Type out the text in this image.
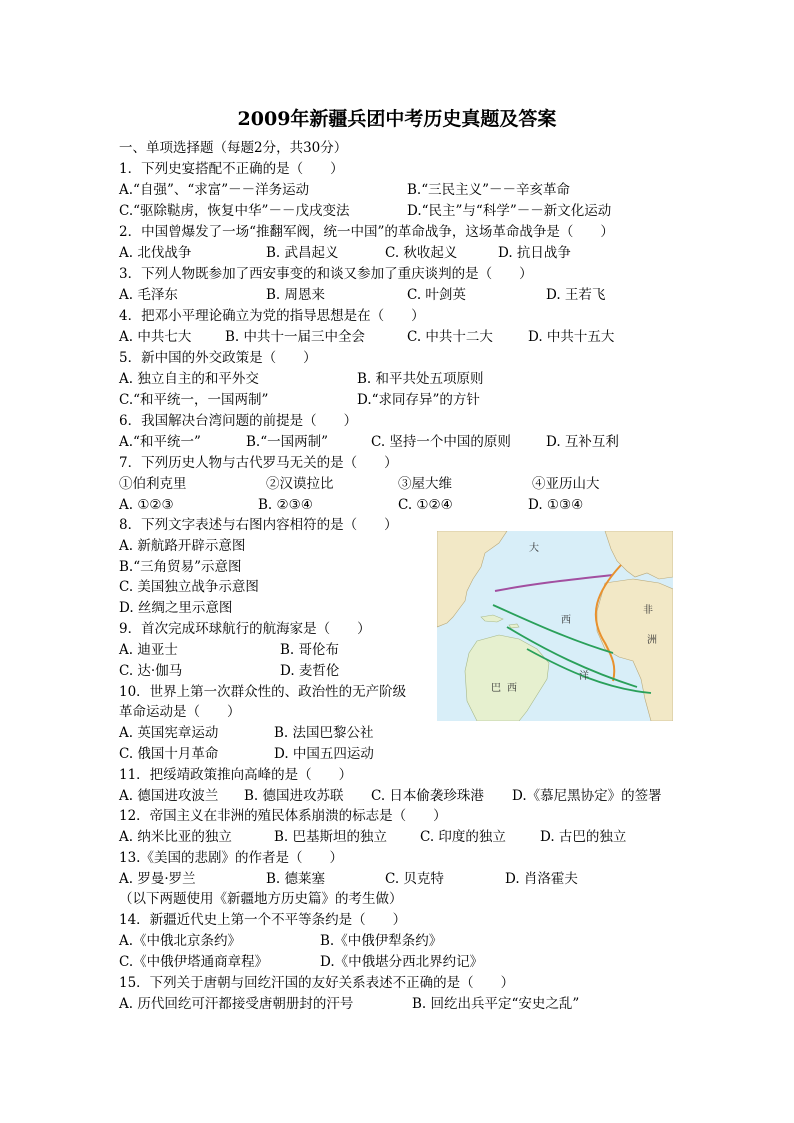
2009年新疆兵团中考历史真题及答案
一、单项选择题（每题2分，共30分）
1．下列史宴搭配不正确的是（　　）
A.“自强”、“求富”－－洋务运动	B.“三民主义”－－辛亥革命
C.“驱除鞑虏，恢复中华”－－戊戌变法	D.“民主”与“科学”－－新文化运动
2．中国曾爆发了一场“推翻军阀，统一中国”的革命战争，这场革命战争是（　　）
A. 北伐战争	B. 武昌起义	C. 秋收起义	D. 抗日战争
3．下列人物既参加了西安事变的和谈又参加了重庆谈判的是（　　）
A. 毛泽东	B. 周恩来	C. 叶剑英	D. 王若飞
4．把邓小平理论确立为党的指导思想是在（　　）
A. 中共七大 B. 中共十一届三中全会	C. 中共十二大	D. 中共十五大
5．新中国的外交政策是（　　）
A. 独立自主的和平外交	B. 和平共处五项原则
C.“和平统一，一国两制”	D.“求同存异”的方针
6．我国解决台湾问题的前提是（　　）
A.“和平统一”	B.“一国两制”	C. 坚持一个中国的原则	D. 互补互利
7．下列历史人物与古代罗马无关的是（　　）
①伯利克里	②汉谟拉比	③屋大维	④亚历山大
A. ①②③	B. ②③④	C. ①②④	D. ①③④
8．下列文字表述与右图内容相符的是（　　）
A. 新航路开辟示意图
B.“三角贸易”示意图
C. 美国独立战争示意图
D. 丝绸之里示意图
9．首次完成环球航行的航海家是（　　）
A. 迪亚士	B. 哥伦布
C. 达·伽马	D. 麦哲伦
10．世界上第一次群众性的、政治性的无产阶级
革命运动是（　　）
A. 英国宪章运动	B. 法国巴黎公社
C. 俄国十月革命	D. 中国五四运动
11．把绥靖政策推向高峰的是（　　）
A. 德国进攻波兰 B. 德国进攻苏联 C. 日本偷袭珍珠港 D.《慕尼黑协定》的签署
12．帝国主义在非洲的殖民体系崩溃的标志是（　　）
A. 纳米比亚的独立	B. 巴基斯坦的独立 C. 印度的独立	D. 古巴的独立
13.《美国的悲剧》的作者是（　　）
A. 罗曼·罗兰	B. 德莱塞	C. 贝克特	D. 肖洛霍夫
（以下两题使用《新疆地方历史篇》的考生做）
14．新疆近代史上第一个不平等条约是（　　）
A.《中俄北京条约》	B.《中俄伊犁条约》
C.《中俄伊塔通商章程》	D.《中俄堪分西北界约记》
15．下列关于唐朝与回纥汗国的友好关系表述不正确的是（　　）
A. 历代回纥可汗都接受唐朝册封的汗号	B. 回纥出兵平定“安史之乱”
大
西
洋
非
洲
巴 西
